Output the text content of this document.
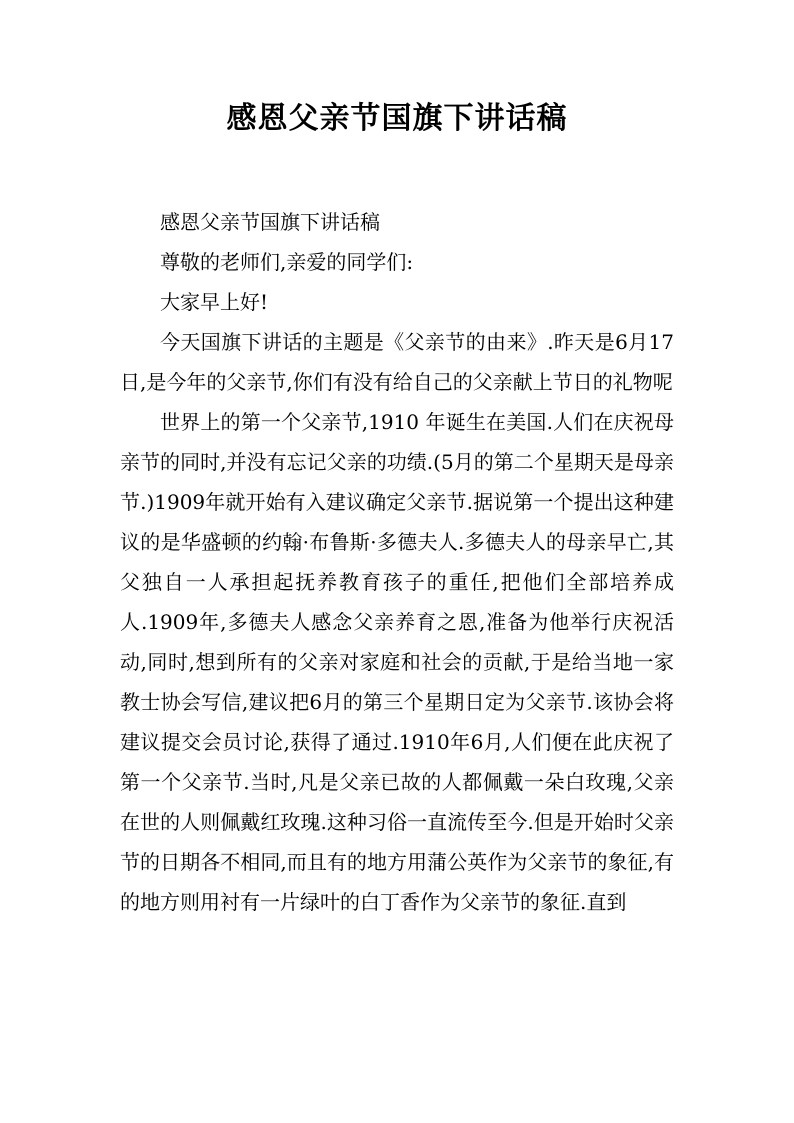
感恩父亲节国旗下讲话稿

感恩父亲节国旗下讲话稿

尊敬的老师们,亲爱的同学们:

大家早上好!

今天国旗下讲话的主题是《父亲节的由来》.昨天是6月17日,是今年的父亲节,你们有没有给自己的父亲献上节日的礼物呢

世界上的第一个父亲节,1910 年诞生在美国.人们在庆祝母亲节的同时,并没有忘记父亲的功绩.(5月的第二个星期天是母亲节.)1909年就开始有入建议确定父亲节.据说第一个提出这种建议的是华盛顿的约翰·布鲁斯·多德夫人.多德夫人的母亲早亡,其父独自一人承担起抚养教育孩子的重任,把他们全部培养成人.1909年,多德夫人感念父亲养育之恩,准备为他举行庆祝活动,同时,想到所有的父亲对家庭和社会的贡献,于是给当地一家教士协会写信,建议把6月的第三个星期日定为父亲节.该协会将建议提交会员讨论,获得了通过.1910年6月,人们便在此庆祝了第一个父亲节.当时,凡是父亲已故的人都佩戴一朵白玫瑰,父亲在世的人则佩戴红玫瑰.这种习俗一直流传至今.但是开始时父亲节的日期各不相同,而且有的地方用蒲公英作为父亲节的象征,有的地方则用衬有一片绿叶的白丁香作为父亲节的象征.直到
